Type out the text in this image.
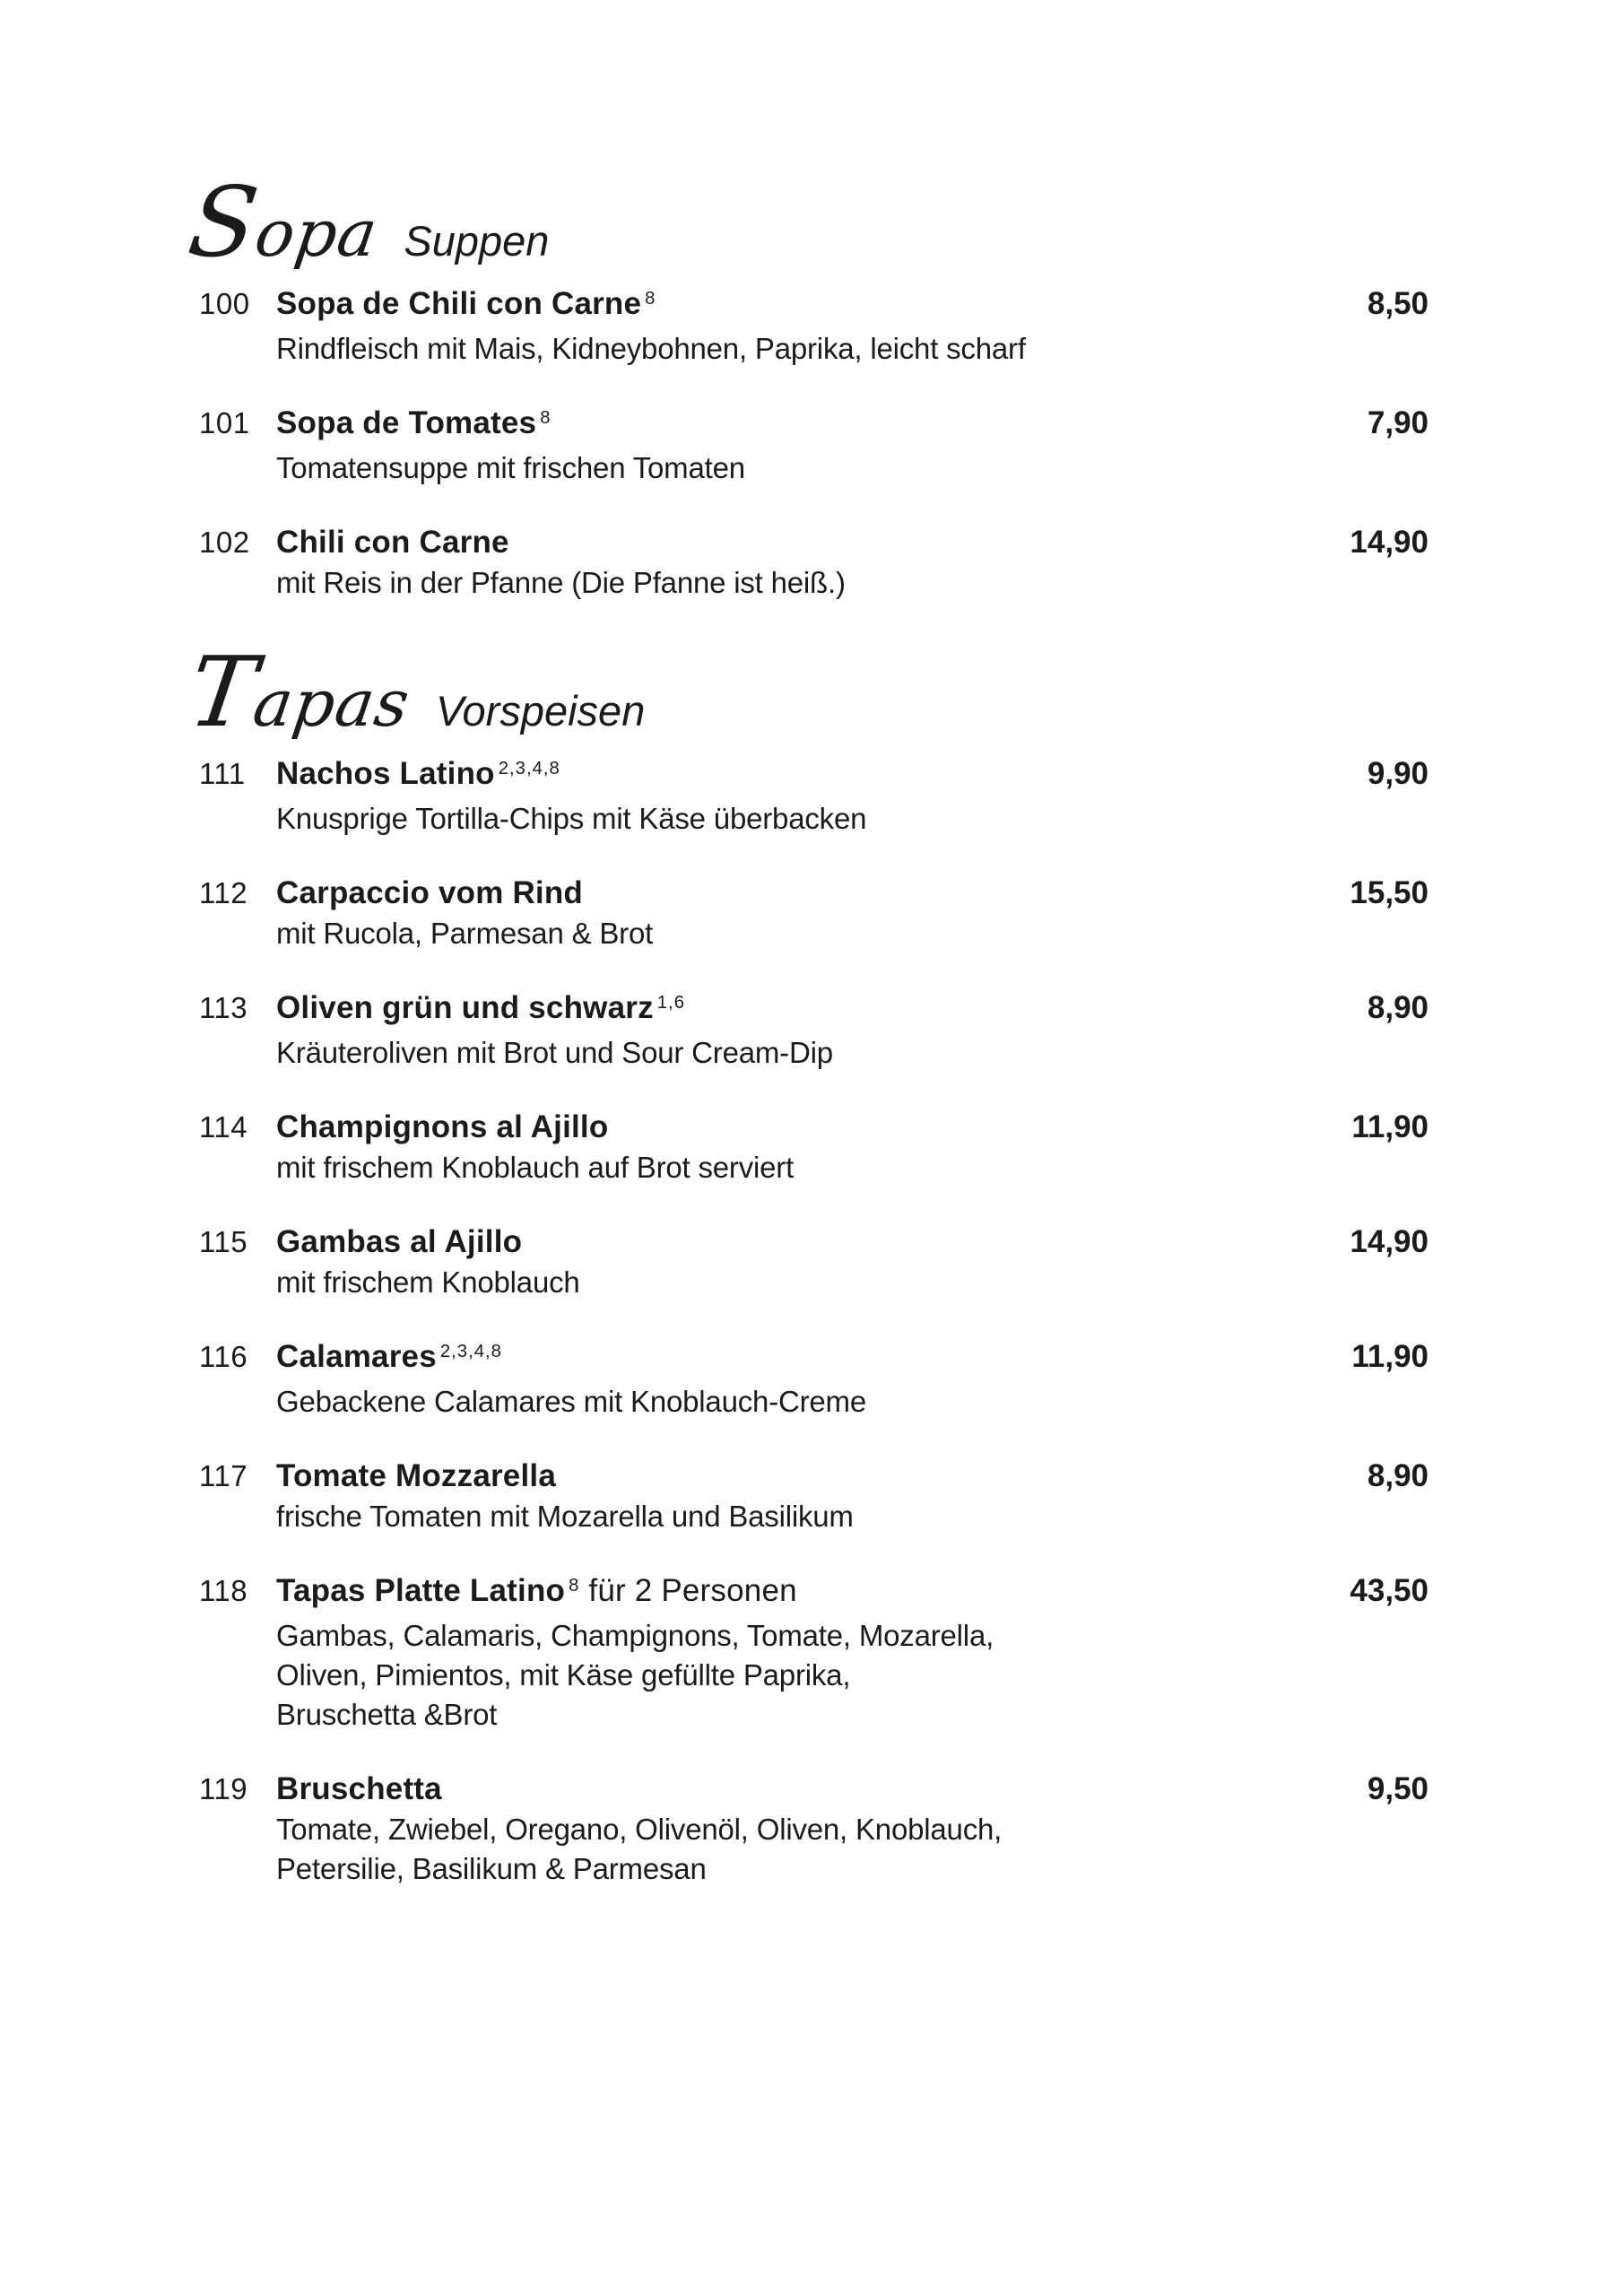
Sopa Suppen
100 Sopa de Chili con Carne $^8$
Rindfleisch mit Mais, Kidneybohnen, Paprika, leicht scharf
8,50
101 Sopa de Tomates $^8$
Tomatensuppe mit frischen Tomaten
7,90
102 Chili con Carne
mit Reis in der Pfanne (Die Pfanne ist heiß.)
14,90
Tapas Vorspeisen
111 Nachos Latino $^{2,3,4,8}$
Knusprige Tortilla-Chips mit Käse überbacken
9,90
112 Carpaccio vom Rind
mit Rucola, Parmesan & Brot
15,50
113 Oliven grün und schwarz $^{1,6}$
Kräuteroliven mit Brot und Sour Cream-Dip
8,90
114 Champignons al Ajillo
mit frischem Knoblauch auf Brot serviert
11,90
115 Gambas al Ajillo
mit frischem Knoblauch
14,90
116 Calamares $^{2,3,4,8}$
Gebackene Calamares mit Knoblauch-Creme
11,90
117 Tomate Mozzarella
frische Tomaten mit Mozarella und Basilikum
8,90
118 Tapas Platte Latino $^8$ für 2 Personen
Gambas, Calamaris, Champignons, Tomate, Mozarella,
Oliven, Pimientos, mit Käse gefüllte Paprika,
Bruschetta &Brot
43,50
119 Bruschetta
Tomate, Zwiebel, Oregano, Olivenöl, Oliven, Knoblauch,
Petersilie, Basilikum & Parmesan
9,50
